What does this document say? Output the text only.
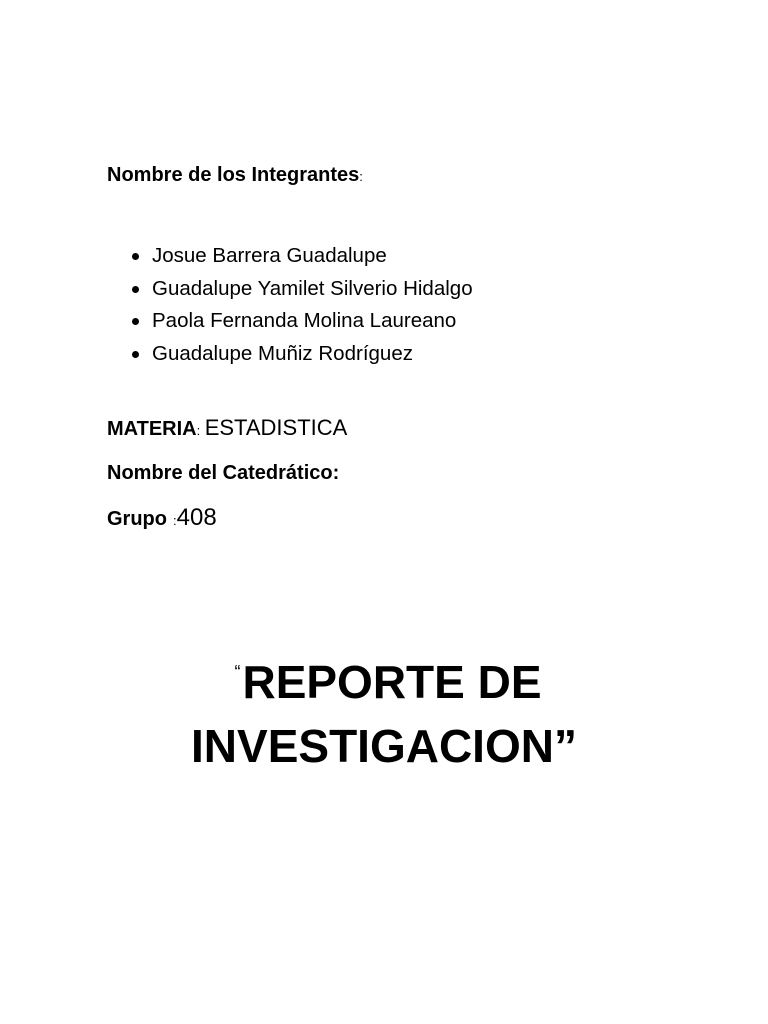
Nombre de los Integrantes:
Josue Barrera Guadalupe
Guadalupe Yamilet Silverio Hidalgo
Paola Fernanda Molina Laureano
Guadalupe Muñiz Rodríguez
MATERIA: ESTADISTICA
Nombre del Catedrático:
Grupo :408
“REPORTE DE
INVESTIGACION”
